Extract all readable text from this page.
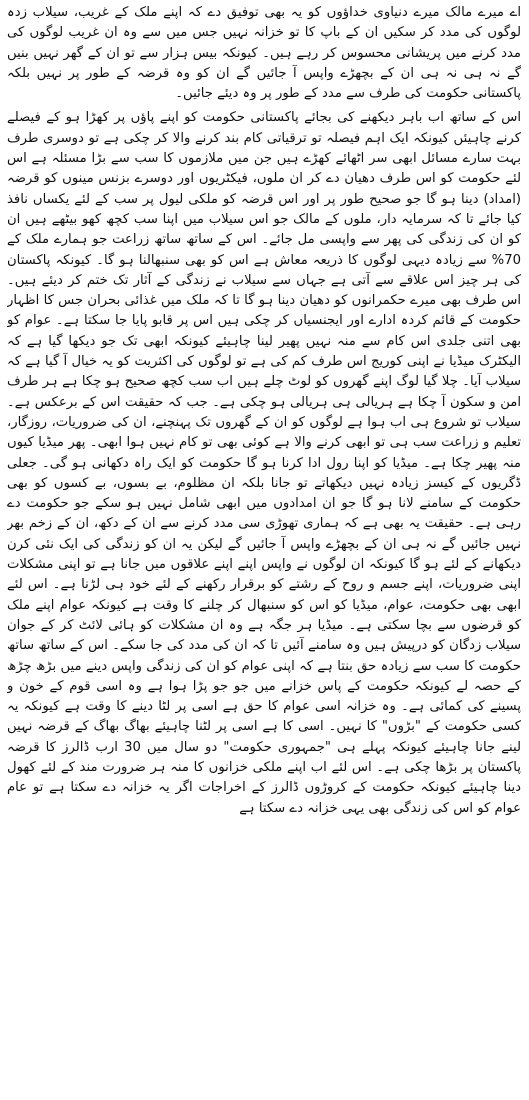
اے میرے مالک میرے دنیاوی خداؤوں کو یہ بھی توفیق دے کہ اپنے ملک کے غریب، سیلاب زدہ لوگوں کی مدد کر سکیں ان کے باپ کا تو خزانہ نہیں جس میں سے وہ ان غریب لوگوں کی مدد کرنے میں پریشانی محسوس کر رہے ہیں۔ کیونکہ بیس ہزار سے تو ان کے گھر نہیں بنیں گے نہ ہی نہ ہی ان کے بچھڑے واپس آ جائیں گے ان کو وہ قرضہ کے طور پر نہیں بلکہ پاکستانی حکومت کی طرف سے مدد کے طور پر وہ دیئے جائیں۔

اس کے ساتھ اب باہر دیکھنے کی بجائے پاکستانی حکومت کو اپنے پاؤں پر کھڑا ہو کے فیصلے کرنے چاہیئں کیونکہ ایک اہم فیصلہ تو ترقیاتی کام بند کرنے والا کر چکی ہے تو دوسری طرف بہت سارے مسائل ابھی سر اٹھائے کھڑے ہیں جن میں ملازموں کا سب سے بڑا مسئلہ ہے اس لئے حکومت کو اس طرف دھیان دے کر ان ملوں، فیکٹریوں اور دوسرے بزنس مینوں کو قرضہ (امداد) دینا ہو گا جو صحیح طور پر اور اس قرضہ کو ملکی لیول پر سب کے لئے یکساں نافذ کیا جائے تا کہ سرمایہ دار، ملوں کے مالک جو اس سیلاب میں اپنا سب کچھ کھو بیٹھے ہیں ان کو ان کی زندگی کی پھر سے واپسی مل جائے۔ اس کے ساتھ ساتھ زراعت جو ہمارے ملک کے 70% سے زیادہ دیہی لوگوں کا ذریعہ معاش ہے اس کو بھی سنبھالنا ہو گا۔ کیونکہ پاکستان کی ہر چیز اس علاقے سے آتی ہے جہاں سے سیلاب نے زندگی کے آثار تک ختم کر دیئے ہیں۔ اس طرف بھی میرے حکمرانوں کو دھیان دینا ہو گا تا کہ ملک میں غذائی بحران جس کا اظہار حکومت کے قائم کردہ ادارے اور ایجنسیاں کر چکی ہیں اس پر قابو پایا جا سکتا ہے۔ عوام کو بھی اتنی جلدی اس کام سے منہ نہیں پھیر لینا چاہیئے کیونکہ ابھی تک جو دیکھا گیا ہے کہ الیکٹرک میڈیا نے اپنی کوریج اس طرف کم کی ہے تو لوگوں کی اکثریت کو یہ خیال آ گیا ہے کہ سیلاب آیا۔ چلا گیا لوگ اپنے گھروں کو لوٹ چلے ہیں اب سب کچھ صحیح ہو چکا ہے ہر طرف امن و سکون آ چکا ہے ہریالی ہی ہریالی ہو چکی ہے۔ جب کہ حقیقت اس کے برعکس ہے۔ سیلاب تو شروع ہی اب ہوا ہے لوگوں کو ان کے گھروں تک پہنچنے، ان کی ضروریات، روزگار، تعلیم و زراعت سب ہی تو ابھی کرنے والا ہے کوئی بھی تو کام نہیں ہوا ابھی۔ پھر میڈیا کیوں منہ پھیر چکا ہے۔ میڈیا کو اپنا رول ادا کرنا ہو گا حکومت کو ایک راہ دکھانی ہو گی۔ جعلی ڈگریوں کے کیسز زیادہ نہیں دیکھاتے تو جانا بلکہ ان مظلوم، بے بسوں، بے کسوں کو بھی حکومت کے سامنے لانا ہو گا جو ان امدادوں میں ابھی شامل نہیں ہو سکے جو حکومت دے رہی ہے۔ حقیقت یہ بھی ہے کہ ہماری تھوڑی سی مدد کرنے سے ان کے دکھ، ان کے زخم بھر نہیں جائیں گے نہ ہی ان کے بچھڑے واپس آ جائیں گے لیکن یہ ان کو زندگی کی ایک نئی کرن دیکھانے کے لئے ہو گا کیونکہ ان لوگوں نے واپس اپنے اپنے علاقوں میں جانا ہے تو اپنی مشکلات اپنی ضروریات، اپنے جسم و روح کے رشتے کو برقرار رکھنے کے لئے خود ہی لڑنا ہے۔ اس لئے ابھی بھی حکومت، عوام، میڈیا کو اس کو سنبھال کر چلنے کا وقت ہے کیونکہ عوام اپنے ملک کو قرضوں سے بچا سکتی ہے۔ میڈیا ہر جگہ ہے وہ ان مشکلات کو ہائی لائٹ کر کے جوان سیلاب زدگان کو درپیش ہیں وہ سامنے آئیں تا کہ ان کی مدد کی جا سکے۔ اس کے ساتھ ساتھ حکومت کا سب سے زیادہ حق بنتا ہے کہ اپنی عوام کو ان کی زندگی واپس دینے میں بڑھ چڑھ کے حصہ لے کیونکہ حکومت کے پاس خزانے میں جو جو پڑا ہوا ہے وہ اسی قوم کے خون و پسینے کی کمائی ہے۔ وہ خزانہ اسی عوام کا حق ہے اسی پر لٹا دینے کا وقت ہے کیونکہ یہ کسی حکومت کے "بڑوں" کا نہیں۔ اسی کا ہے اسی پر لٹنا چاہیئے بھاگ بھاگ کے قرضہ نہیں لینے جانا چاہیئے کیونکہ پہلے ہی "جمہوری حکومت" دو سال میں 30 ارب ڈالرز کا قرضہ پاکستان پر بڑھا چکی ہے۔ اس لئے اب اپنے ملکی خزانوں کا منہ ہر ضرورت مند کے لئے کھول دینا چاہیئے کیونکہ حکومت کے کروڑوں ڈالرز کے اخراجات اگر یہ خزانہ دے سکتا ہے تو عام عوام کو اس کی زندگی بھی یہی خزانہ دے سکتا ہے
